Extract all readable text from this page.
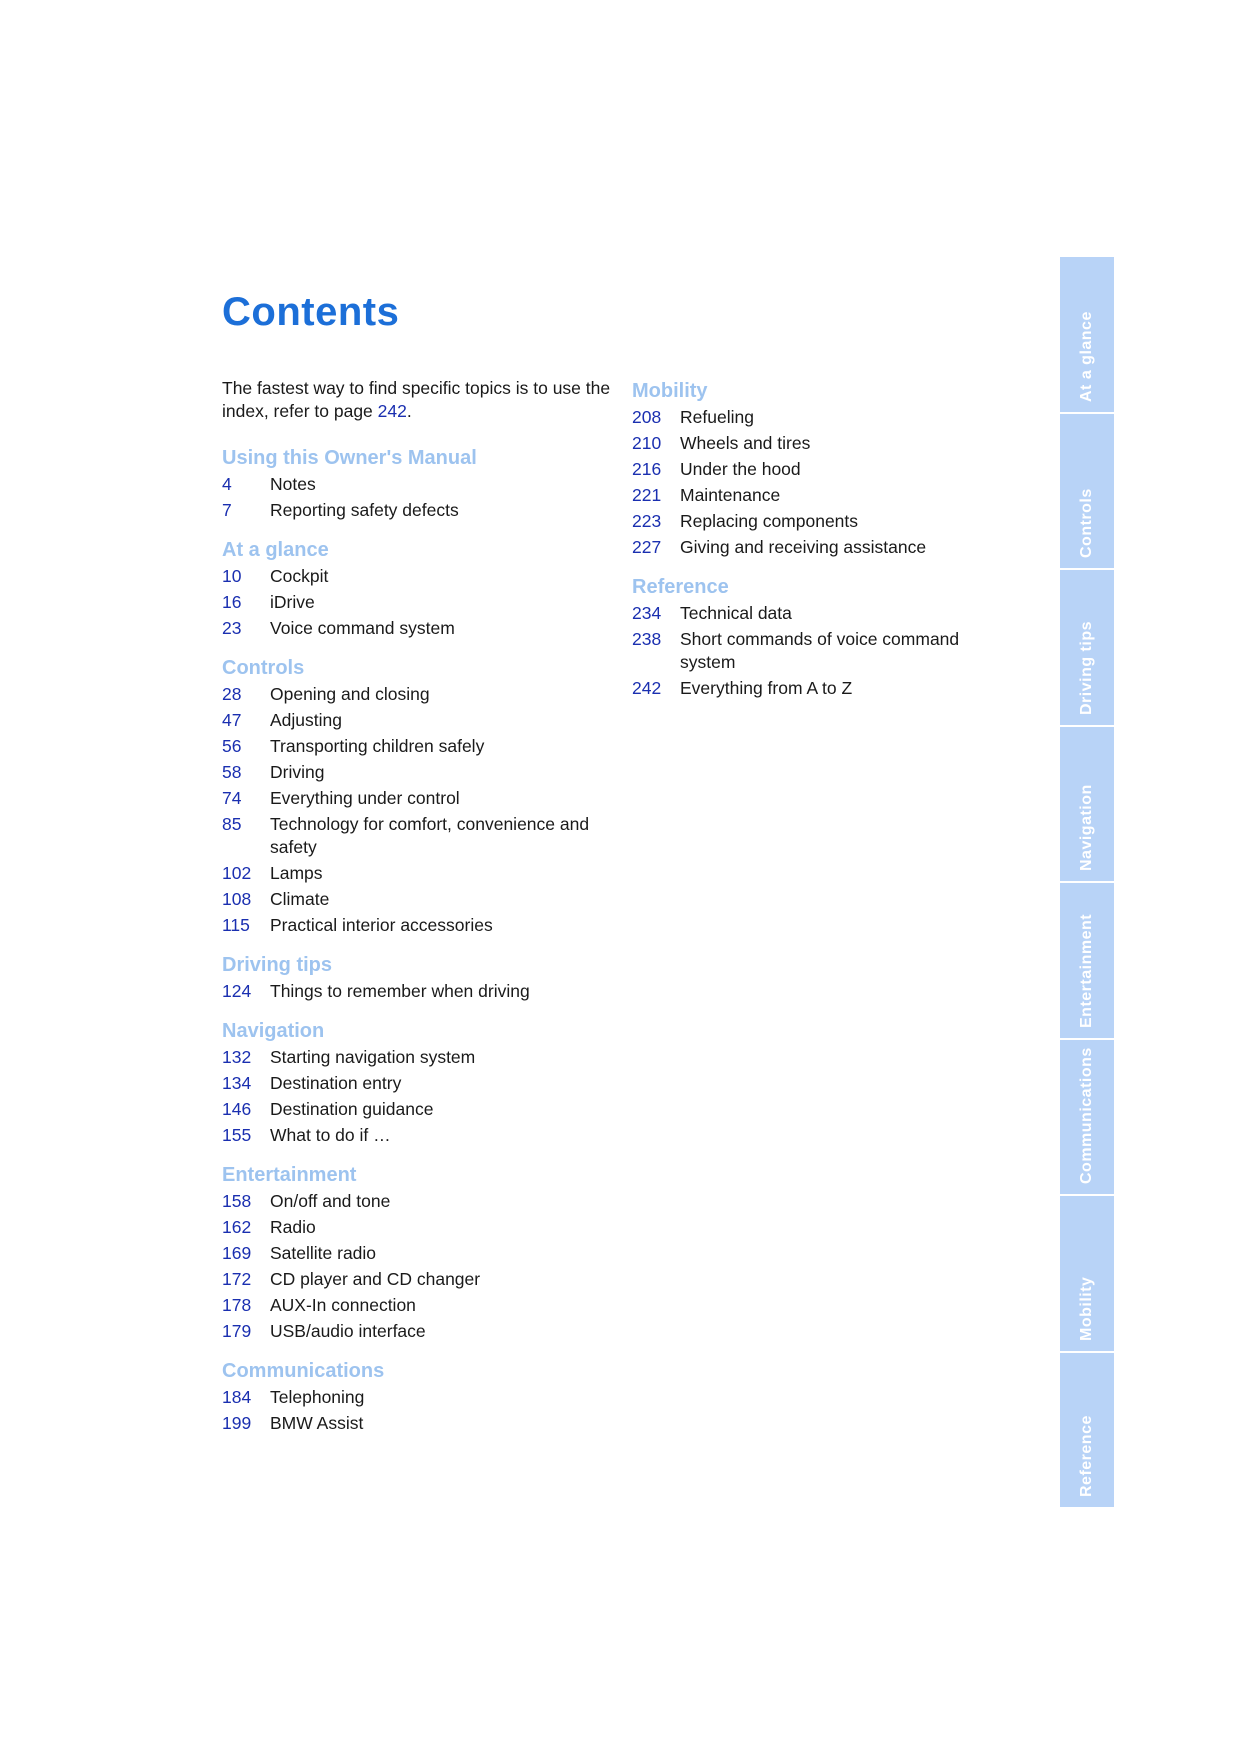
Contents

The fastest way to find specific topics is to use the index, refer to page 242.

Using this Owner's Manual
4	Notes
7	Reporting safety defects
At a glance
10	Cockpit
16	iDrive
23	Voice command system
Controls
28	Opening and closing
47	Adjusting
56	Transporting children safely
58	Driving
74	Everything under control
85	Technology for comfort, convenience and safety
102	Lamps
108	Climate
115	Practical interior accessories
Driving tips
124	Things to remember when driving
Navigation
132	Starting navigation system
134	Destination entry
146	Destination guidance
155	What to do if …
Entertainment
158	On/off and tone
162	Radio
169	Satellite radio
172	CD player and CD changer
178	AUX-In connection
179	USB/audio interface
Communications
184	Telephoning
199	BMW Assist
Mobility
208	Refueling
210	Wheels and tires
216	Under the hood
221	Maintenance
223	Replacing components
227	Giving and receiving assistance
Reference
234	Technical data
238	Short commands of voice command system
242	Everything from A to Z
At a glance
Controls
Driving tips
Navigation
Entertainment
Communications
Mobility
Reference
